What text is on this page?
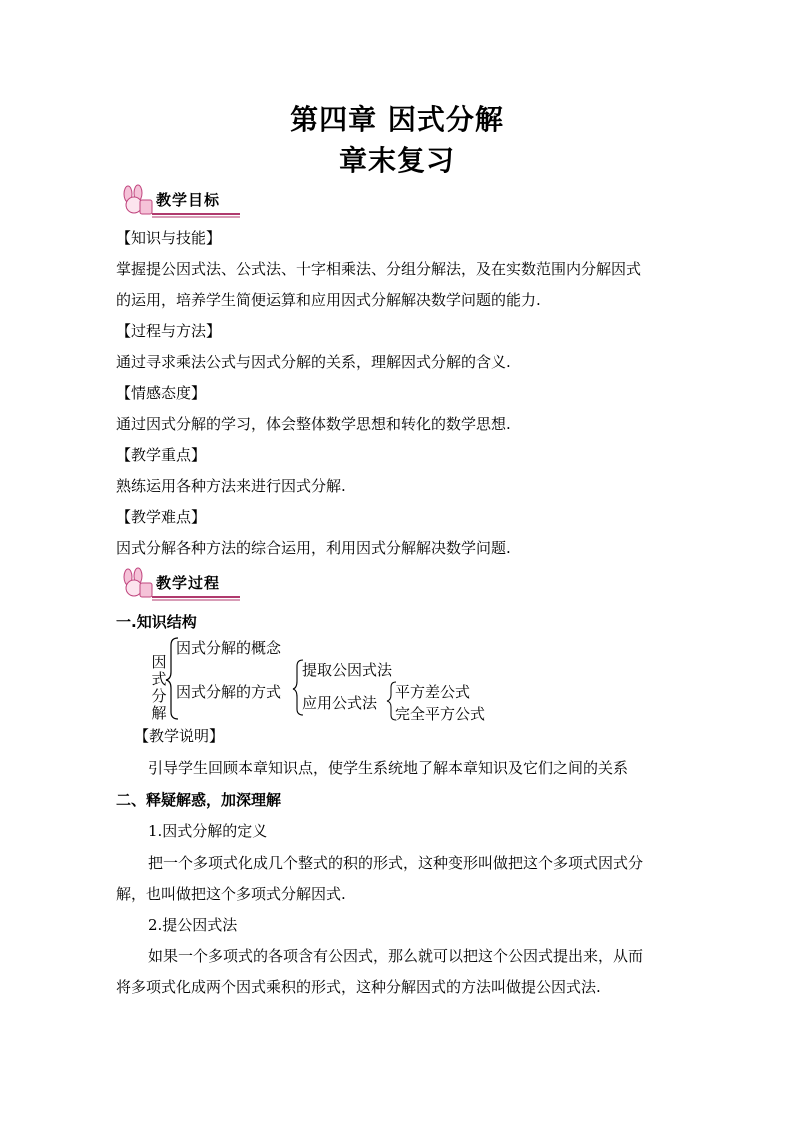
第四章 因式分解
章末复习
教学目标
【知识与技能】
掌握提公因式法、公式法、十字相乘法、分组分解法，及在实数范围内分解因式
的运用，培养学生简便运算和应用因式分解解决数学问题的能力.
【过程与方法】
通过寻求乘法公式与因式分解的关系，理解因式分解的含义.
【情感态度】
通过因式分解的学习，体会整体数学思想和转化的数学思想.
【教学重点】
熟练运用各种方法来进行因式分解.
【教学难点】
因式分解各种方法的综合运用，利用因式分解解决数学问题.
教学过程
一.知识结构
因
式
分
解
因式分解的概念
因式分解的方式
提取公因式法
应用公式法
平方差公式
完全平方公式
【教学说明】
引导学生回顾本章知识点，使学生系统地了解本章知识及它们之间的关系
二、释疑解惑，加深理解
1.因式分解的定义
把一个多项式化成几个整式的积的形式，这种变形叫做把这个多项式因式分
解，也叫做把这个多项式分解因式.
2.提公因式法
如果一个多项式的各项含有公因式，那么就可以把这个公因式提出来，从而
将多项式化成两个因式乘积的形式，这种分解因式的方法叫做提公因式法.
